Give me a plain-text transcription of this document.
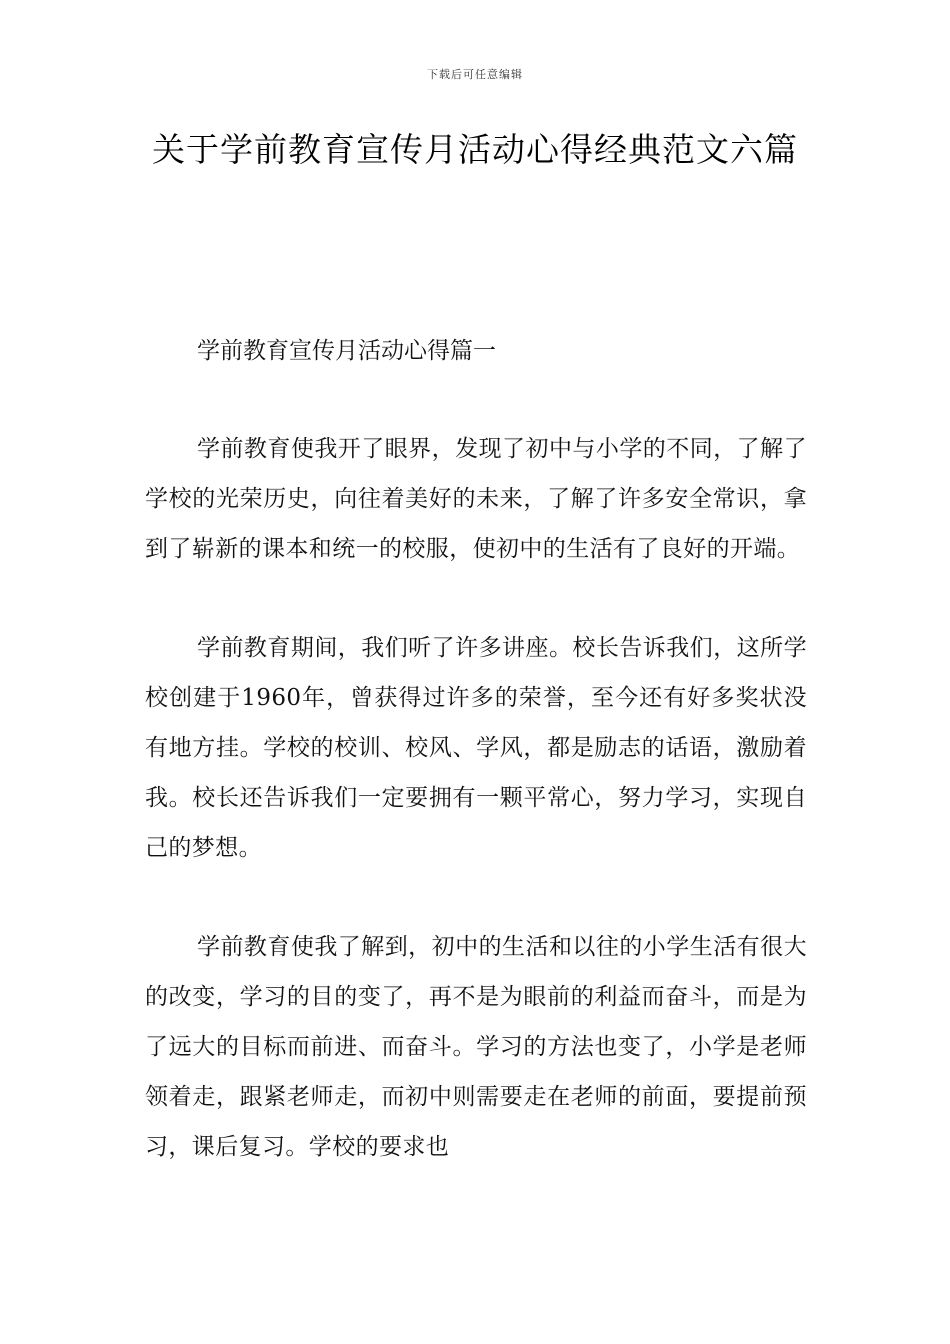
下载后可任意编辑
关于学前教育宣传月活动心得经典范文六篇
学前教育宣传月活动心得篇一

学前教育使我开了眼界，发现了初中与小学的不同，了解了学校的光荣历史，向往着美好的未来，了解了许多安全常识，拿到了崭新的课本和统一的校服，使初中的生活有了良好的开端。

学前教育期间，我们听了许多讲座。校长告诉我们，这所学校创建于1960年，曾获得过许多的荣誉，至今还有好多奖状没有地方挂。学校的校训、校风、学风，都是励志的话语，激励着我。校长还告诉我们一定要拥有一颗平常心，努力学习，实现自己的梦想。

学前教育使我了解到，初中的生活和以往的小学生活有很大的改变，学习的目的变了，再不是为眼前的利益而奋斗，而是为了远大的目标而前进、而奋斗。学习的方法也变了，小学是老师领着走，跟紧老师走，而初中则需要走在老师的前面，要提前预习，课后复习。学校的要求也
